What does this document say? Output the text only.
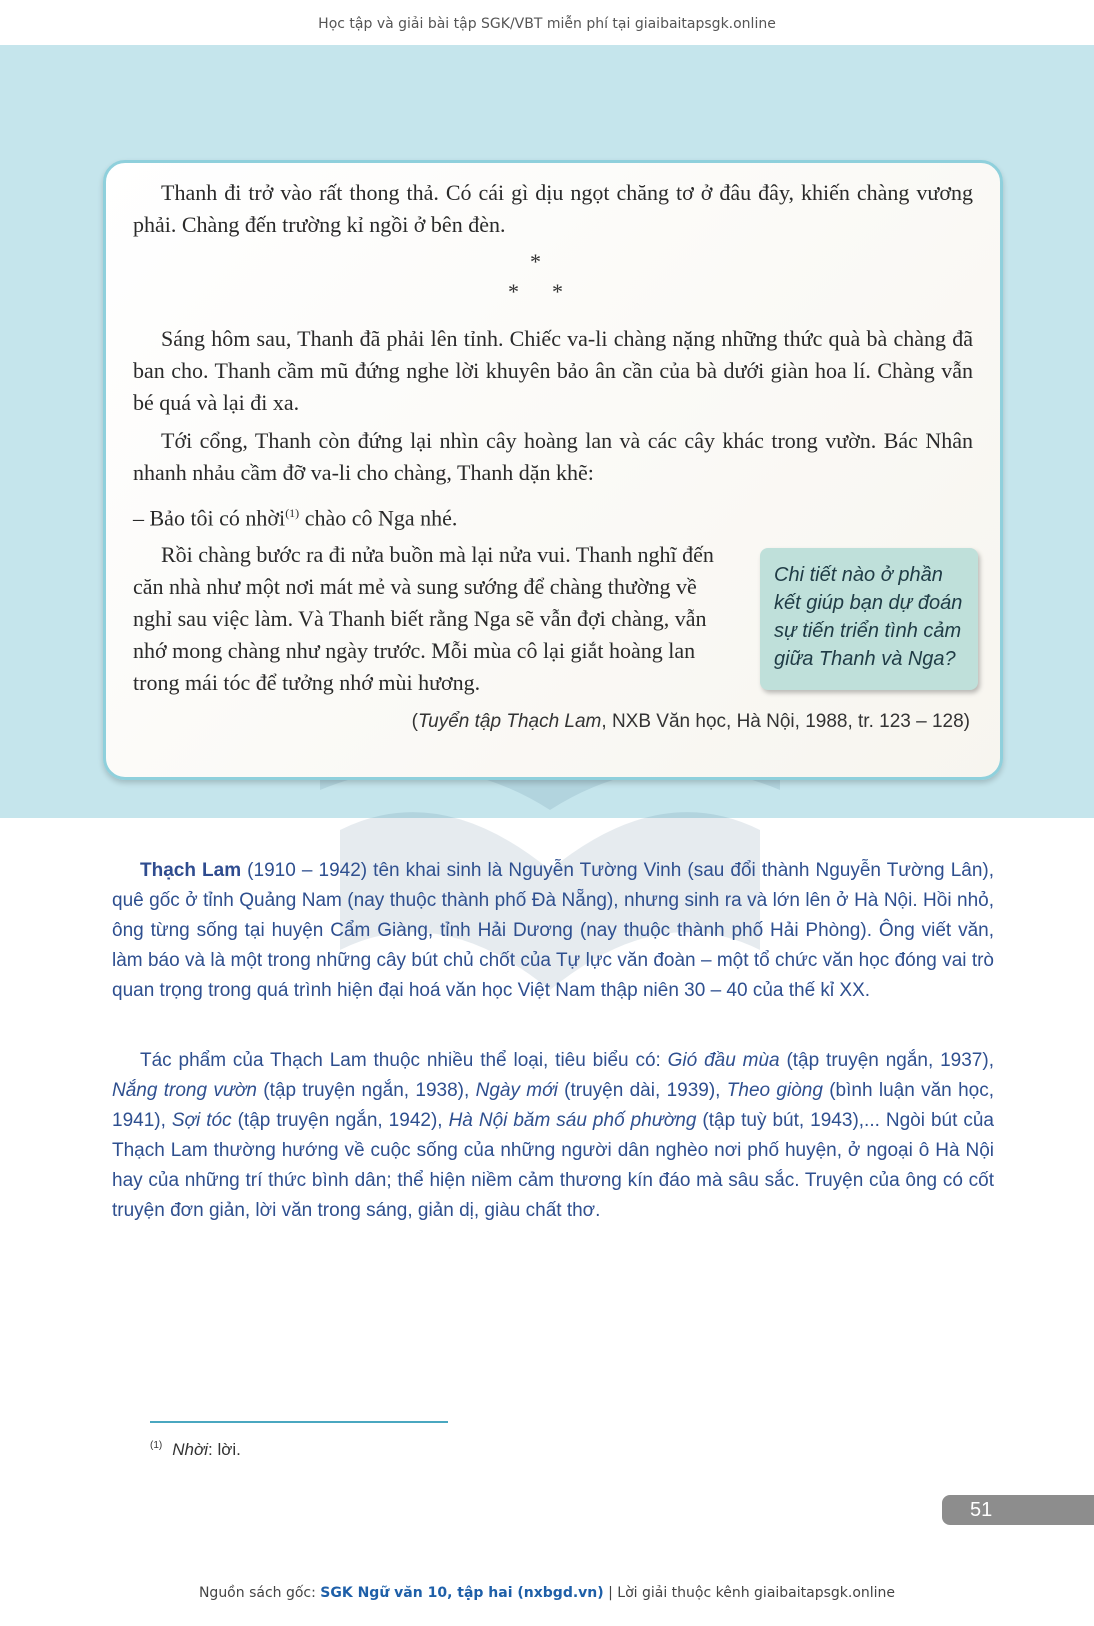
Học tập và giải bài tập SGK/VBT miễn phí tại giaibaitapsgk.online

Thanh đi trở vào rất thong thả. Có cái gì dịu ngọt chăng tơ ở đâu đây, khiến chàng vương phải. Chàng đến trường kỉ ngồi ở bên đèn.

*
* *

Sáng hôm sau, Thanh đã phải lên tỉnh. Chiếc va-li chàng nặng những thức quà bà chàng đã ban cho. Thanh cầm mũ đứng nghe lời khuyên bảo ân cần của bà dưới giàn hoa lí. Chàng vẫn bé quá và lại đi xa.

Tới cổng, Thanh còn đứng lại nhìn cây hoàng lan và các cây khác trong vườn. Bác Nhân nhanh nhảu cầm đỡ va-li cho chàng, Thanh dặn khẽ:

– Bảo tôi có nhời$^{(1)}$ chào cô Nga nhé.

Rồi chàng bước ra đi nửa buồn mà lại nửa vui. Thanh nghĩ đến
căn nhà như một nơi mát mẻ và sung sướng để chàng thường về
nghỉ sau việc làm. Và Thanh biết rằng Nga sẽ vẫn đợi chàng, vẫn
nhớ mong chàng như ngày trước. Mỗi mùa cô lại giắt hoàng lan
trong mái tóc để tưởng nhớ mùi hương.
(Tuyển tập Thạch Lam, NXB Văn học, Hà Nội, 1988, tr. 123 – 128)
Chi tiết nào ở phần kết giúp bạn dự đoán sự tiến triển tình cảm giữa Thanh và Nga?

Thạch Lam (1910 – 1942) tên khai sinh là Nguyễn Tường Vinh (sau đổi thành Nguyễn Tường Lân), quê gốc ở tỉnh Quảng Nam (nay thuộc thành phố Đà Nẵng), nhưng sinh ra và lớn lên ở Hà Nội. Hồi nhỏ, ông từng sống tại huyện Cẩm Giàng, tỉnh Hải Dương (nay thuộc thành phố Hải Phòng). Ông viết văn, làm báo và là một trong những cây bút chủ chốt của Tự lực văn đoàn – một tổ chức văn học đóng vai trò quan trọng trong quá trình hiện đại hoá văn học Việt Nam thập niên 30 – 40 của thế kỉ XX.

Tác phẩm của Thạch Lam thuộc nhiều thể loại, tiêu biểu có: Gió đầu mùa (tập truyện ngắn, 1937), Nắng trong vườn (tập truyện ngắn, 1938), Ngày mới (truyện dài, 1939), Theo giòng (bình luận văn học, 1941), Sợi tóc (tập truyện ngắn, 1942), Hà Nội băm sáu phố phường (tập tuỳ bút, 1943),... Ngòi bút của Thạch Lam thường hướng về cuộc sống của những người dân nghèo nơi phố huyện, ở ngoại ô Hà Nội hay của những trí thức bình dân; thể hiện niềm cảm thương kín đáo mà sâu sắc. Truyện của ông có cốt truyện đơn giản, lời văn trong sáng, giản dị, giàu chất thơ.

$^{(1)}$ Nhời: lời.
51
Nguồn sách gốc: SGK Ngữ văn 10, tập hai (nxbgd.vn) | Lời giải thuộc kênh giaibaitapsgk.online
